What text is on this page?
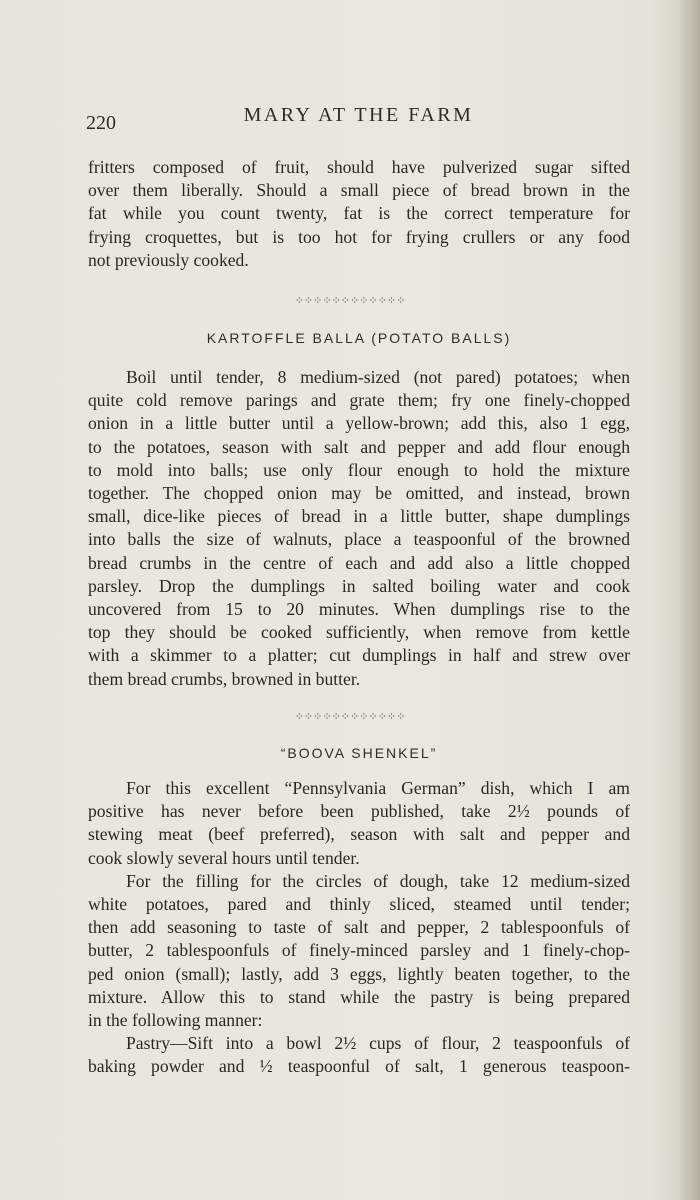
220	MARY AT THE FARM
fritters composed of fruit, should have pulverized sugar sifted
over them liberally. Should a small piece of bread brown in the
fat while you count twenty, fat is the correct temperature for
frying croquettes, but is too hot for frying crullers or any food
not previously cooked.
⁘⁘⁘⁘⁘⁘⁘⁘⁘⁘⁘⁘
KARTOFFLE BALLA (POTATO BALLS)
Boil until tender, 8 medium-sized (not pared) potatoes; when
quite cold remove parings and grate them; fry one finely-chopped
onion in a little butter until a yellow-brown; add this, also 1 egg,
to the potatoes, season with salt and pepper and add flour enough
to mold into balls; use only flour enough to hold the mixture
together. The chopped onion may be omitted, and instead, brown
small, dice-like pieces of bread in a little butter, shape dumplings
into balls the size of walnuts, place a teaspoonful of the browned
bread crumbs in the centre of each and add also a little chopped
parsley. Drop the dumplings in salted boiling water and cook
uncovered from 15 to 20 minutes. When dumplings rise to the
top they should be cooked sufficiently, when remove from kettle
with a skimmer to a platter; cut dumplings in half and strew over
them bread crumbs, browned in butter.
⁘⁘⁘⁘⁘⁘⁘⁘⁘⁘⁘⁘
“BOOVA SHENKEL”
For this excellent “Pennsylvania German” dish, which I am
positive has never before been published, take 2½ pounds of
stewing meat (beef preferred), season with salt and pepper and
cook slowly several hours until tender.
For the filling for the circles of dough, take 12 medium-sized
white potatoes, pared and thinly sliced, steamed until tender;
then add seasoning to taste of salt and pepper, 2 tablespoonfuls of
butter, 2 tablespoonfuls of finely-minced parsley and 1 finely-chop-
ped onion (small); lastly, add 3 eggs, lightly beaten together, to the
mixture. Allow this to stand while the pastry is being prepared
in the following manner:
Pastry—Sift into a bowl 2½ cups of flour, 2 teaspoonfuls of
baking powder and ½ teaspoonful of salt, 1 generous teaspoon-
